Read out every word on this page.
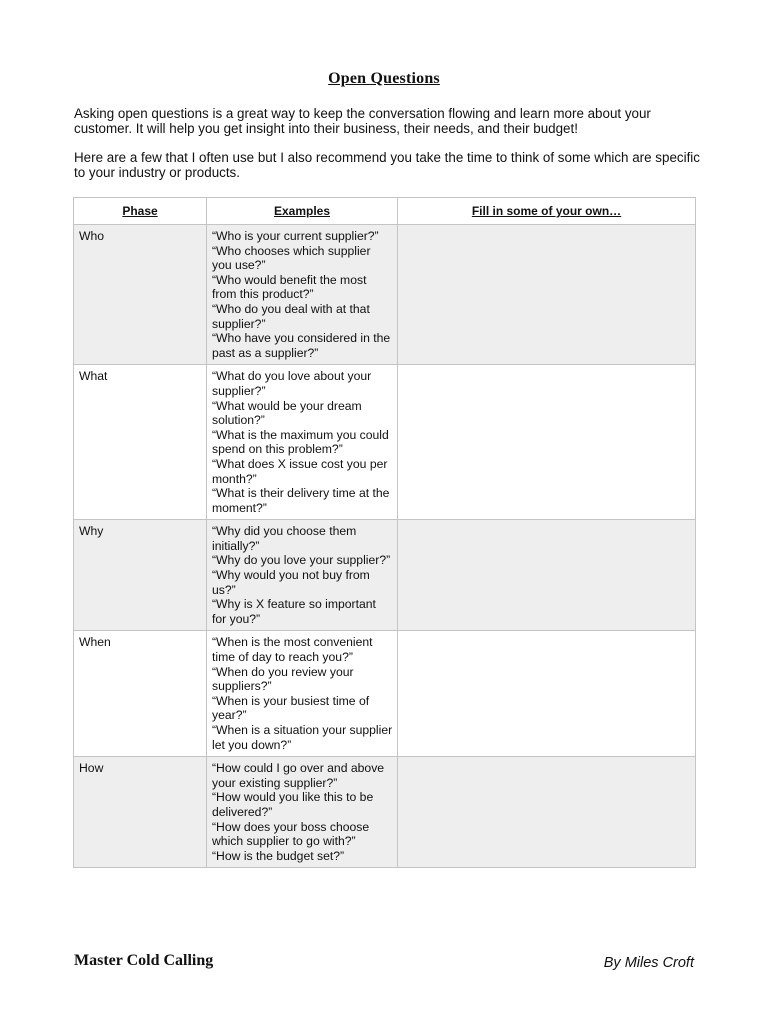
Open Questions

Asking open questions is a great way to keep the conversation flowing and learn more about your customer. It will help you get insight into their business, their needs, and their budget!

Here are a few that I often use but I also recommend you take the time to think of some which are specific to your industry or products.

Phase	Examples	Fill in some of your own…
Who	“Who is your current supplier?”
“Who chooses which supplier you use?”
“Who would benefit the most from this product?”
“Who do you deal with at that supplier?”
“Who have you considered in the past as a supplier?”	

What	“What do you love about your supplier?”
“What would be your dream solution?”
“What is the maximum you could spend on this problem?”
“What does X issue cost you per month?”
“What is their delivery time at the moment?”	

Why	“Why did you choose them initially?”
“Why do you love your supplier?”
“Why would you not buy from us?”
“Why is X feature so important for you?”	

When	“When is the most convenient time of day to reach you?”
“When do you review your suppliers?”
“When is your busiest time of year?”
“When is a situation your supplier let you down?”	

How	“How could I go over and above your existing supplier?”
“How would you like this to be delivered?”
“How does your boss choose which supplier to go with?”
“How is the budget set?”	

Master Cold Calling	By Miles Croft
